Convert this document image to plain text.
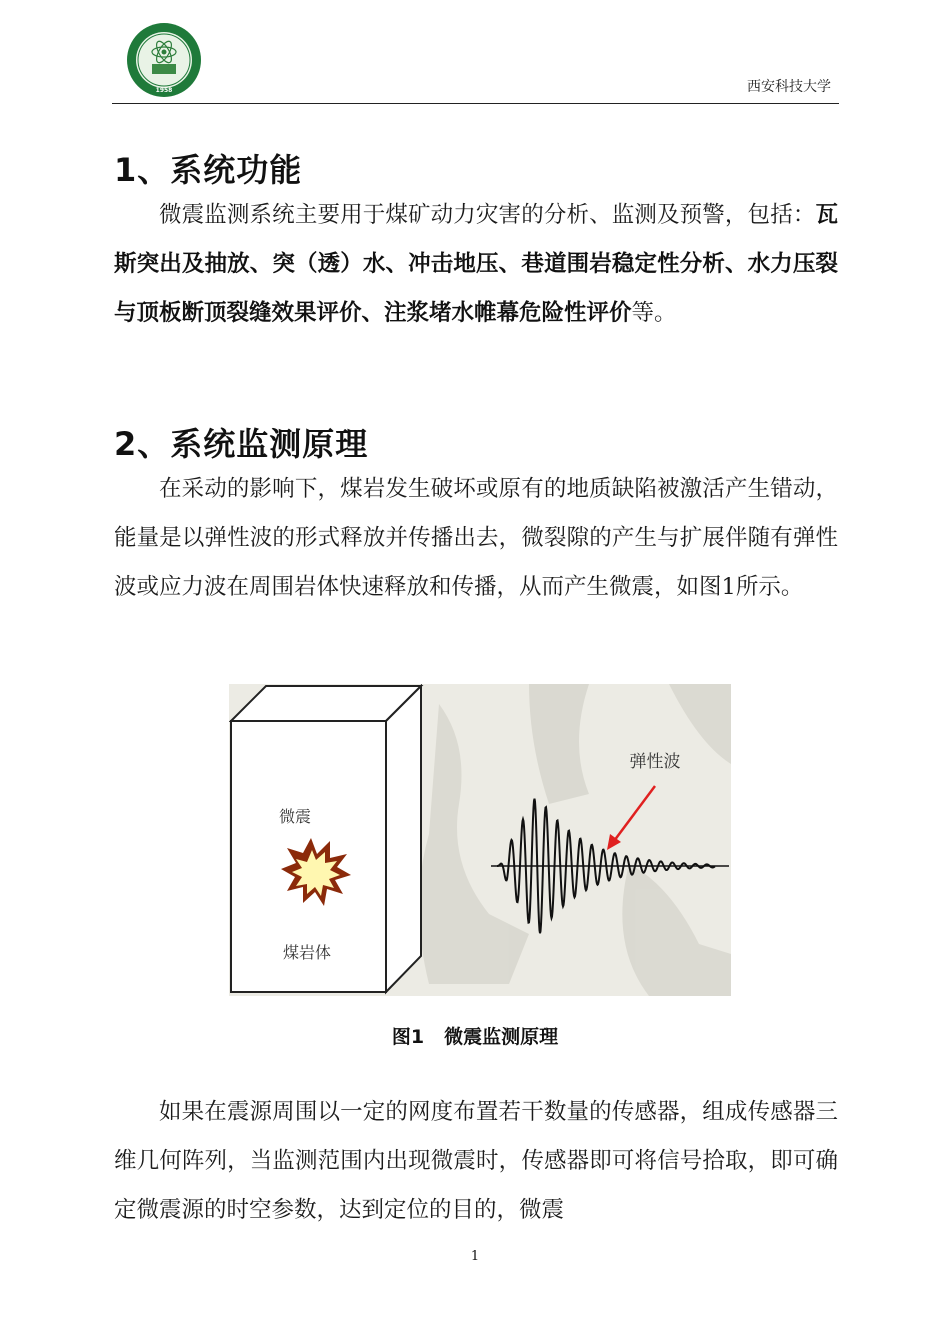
1958	西安科技大学
1、系统功能

微震监测系统主要用于煤矿动力灾害的分析、监测及预警，包括：瓦斯突出及抽放、突（透）水、冲击地压、巷道围岩稳定性分析、水力压裂与顶板断顶裂缝效果评价、注浆堵水帷幕危险性评价等。

2、系统监测原理

在采动的影响下，煤岩发生破坏或原有的地质缺陷被激活产生错动，能量是以弹性波的形式释放并传播出去，微裂隙的产生与扩展伴随有弹性波或应力波在周围岩体快速释放和传播，从而产生微震，如图1所示。

微震
煤岩体
弹性波
图1 微震监测原理

如果在震源周围以一定的网度布置若干数量的传感器，组成传感器三维几何阵列，当监测范围内出现微震时，传感器即可将信号拾取，即可确定微震源的时空参数，达到定位的目的，微震

1
